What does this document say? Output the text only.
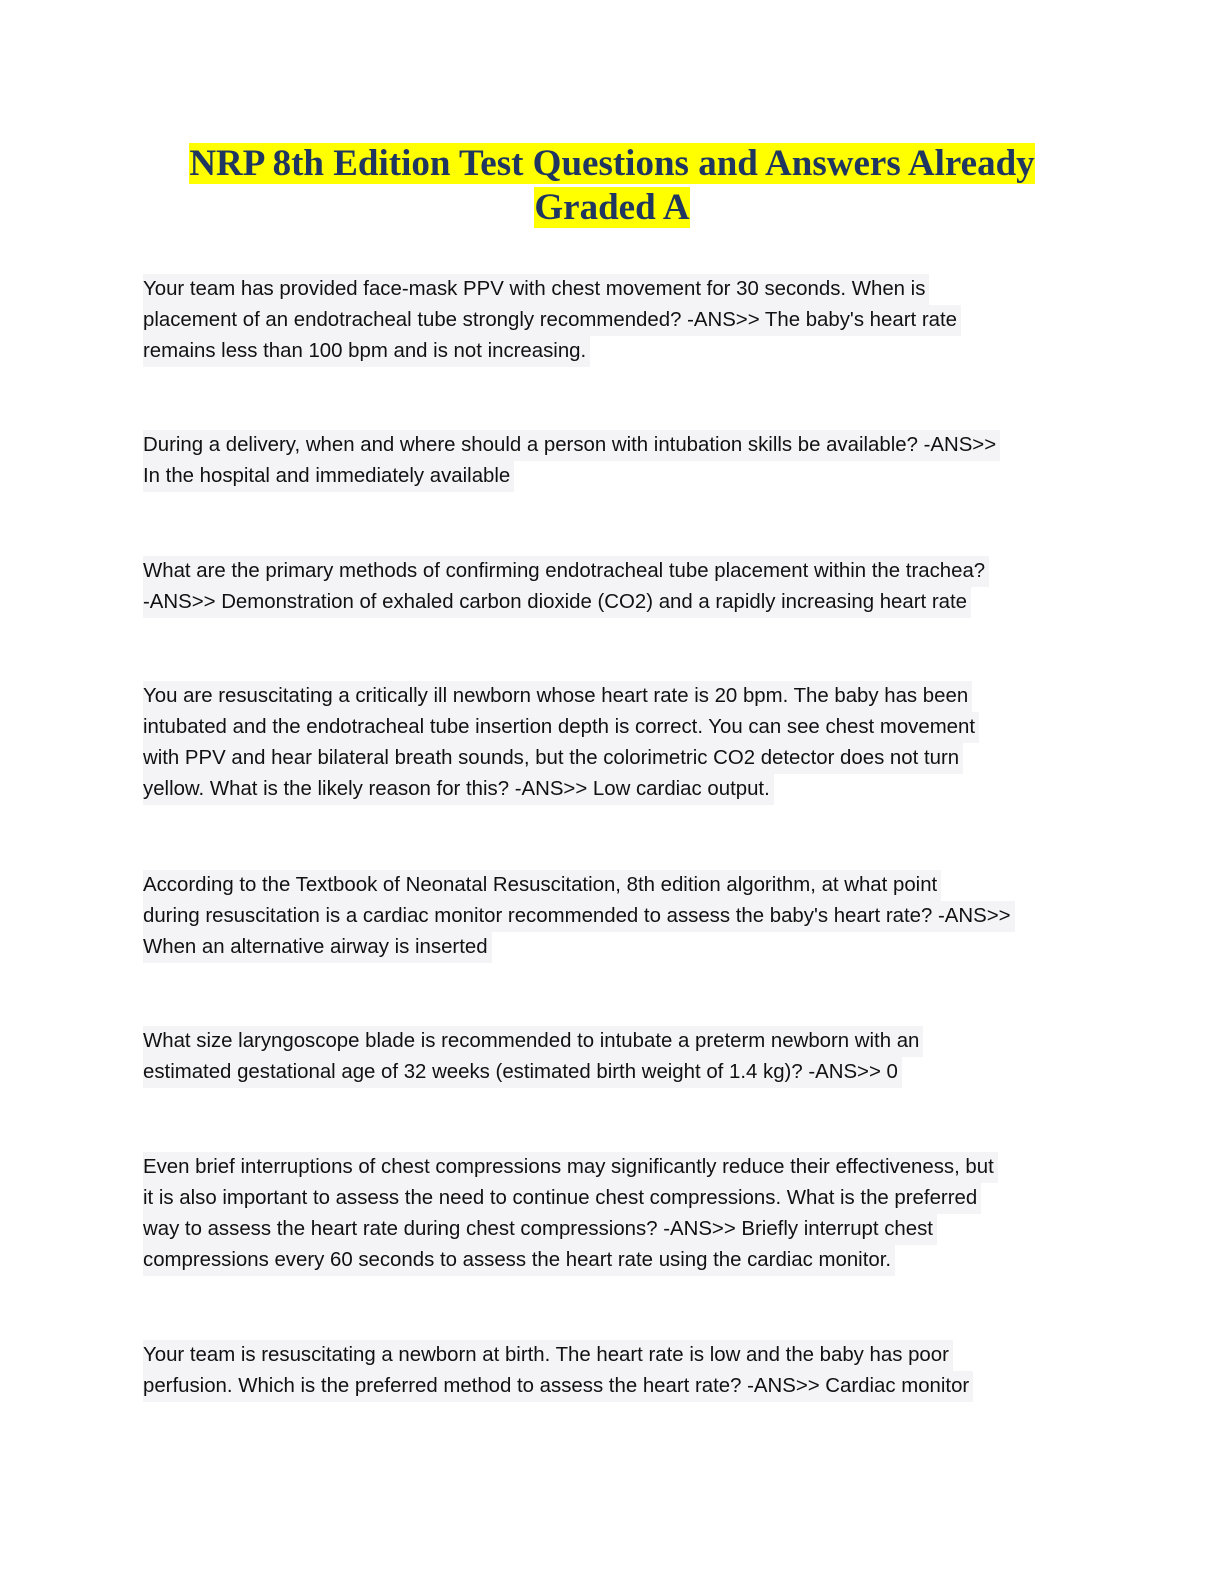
NRP 8th Edition Test Questions and Answers Already
Graded A
Your team has provided face-mask PPV with chest movement for 30 seconds. When is
placement of an endotracheal tube strongly recommended? -ANS>> The baby's heart rate
remains less than 100 bpm and is not increasing.
During a delivery, when and where should a person with intubation skills be available? -ANS>>
In the hospital and immediately available
What are the primary methods of confirming endotracheal tube placement within the trachea?
-ANS>> Demonstration of exhaled carbon dioxide (CO2) and a rapidly increasing heart rate
You are resuscitating a critically ill newborn whose heart rate is 20 bpm. The baby has been
intubated and the endotracheal tube insertion depth is correct. You can see chest movement
with PPV and hear bilateral breath sounds, but the colorimetric CO2 detector does not turn
yellow. What is the likely reason for this? -ANS>> Low cardiac output.
According to the Textbook of Neonatal Resuscitation, 8th edition algorithm, at what point
during resuscitation is a cardiac monitor recommended to assess the baby's heart rate? -ANS>>
When an alternative airway is inserted
What size laryngoscope blade is recommended to intubate a preterm newborn with an
estimated gestational age of 32 weeks (estimated birth weight of 1.4 kg)? -ANS>> 0
Even brief interruptions of chest compressions may significantly reduce their effectiveness, but
it is also important to assess the need to continue chest compressions. What is the preferred
way to assess the heart rate during chest compressions? -ANS>> Briefly interrupt chest
compressions every 60 seconds to assess the heart rate using the cardiac monitor.
Your team is resuscitating a newborn at birth. The heart rate is low and the baby has poor
perfusion. Which is the preferred method to assess the heart rate? -ANS>> Cardiac monitor
